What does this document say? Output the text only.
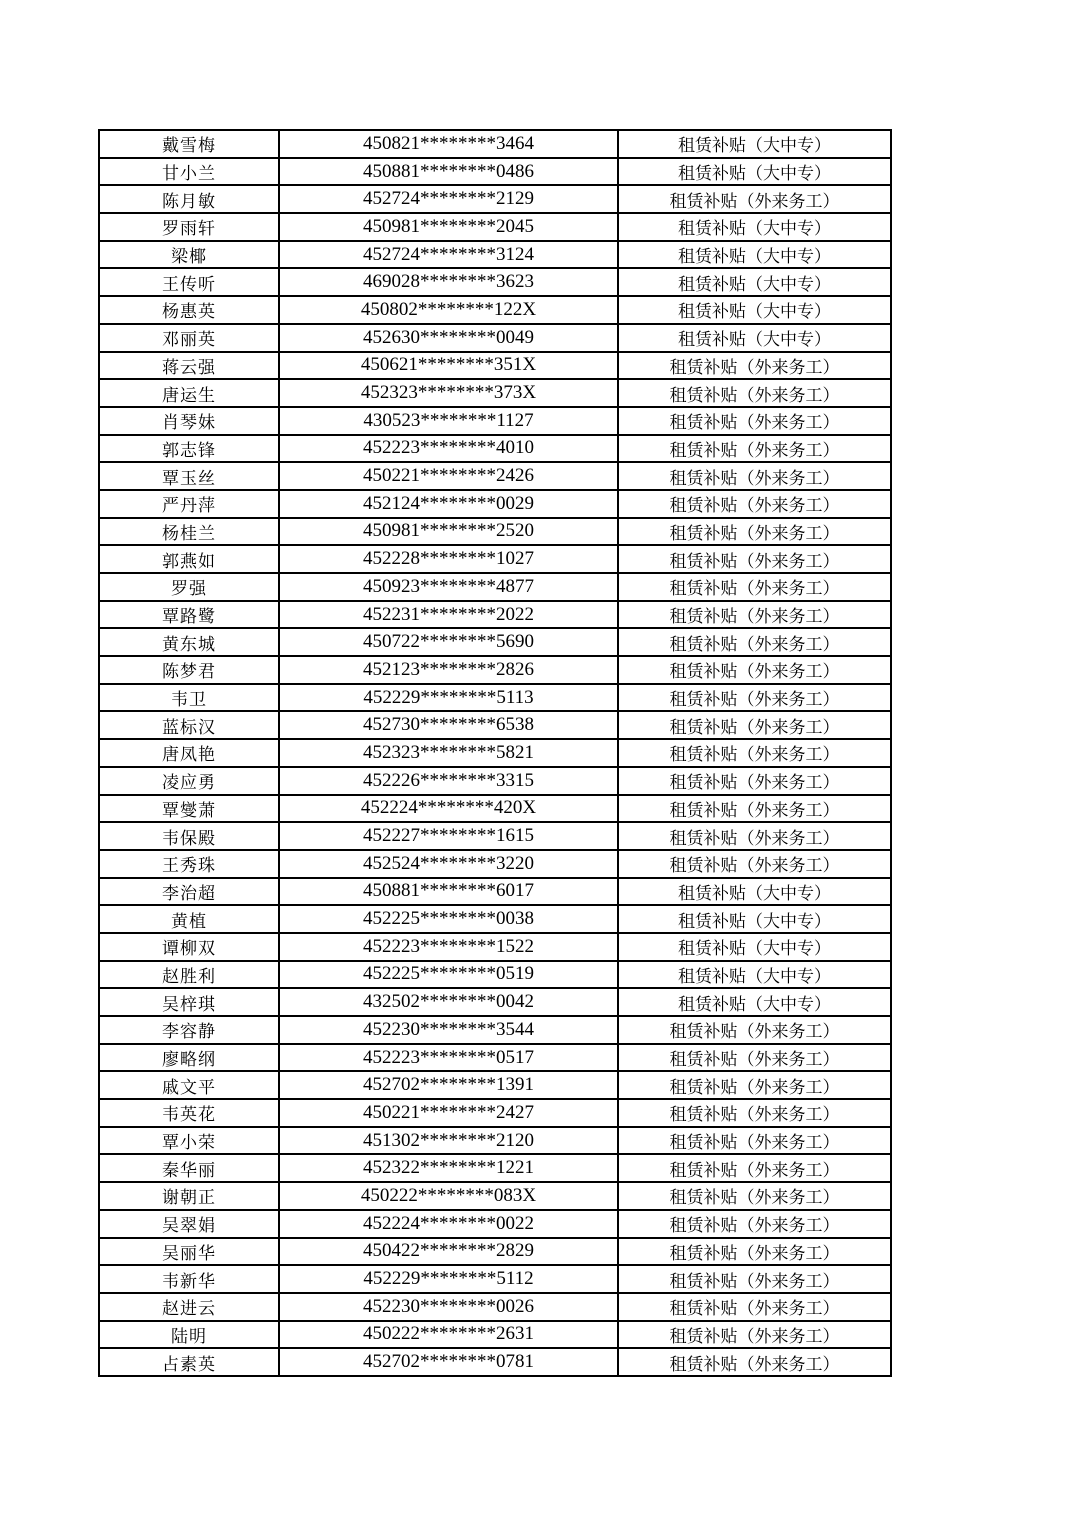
戴雪梅	450821********3464	租赁补贴（大中专）
甘小兰	450881********0486	租赁补贴（大中专）
陈月敏	452724********2129	租赁补贴（外来务工）
罗雨轩	450981********2045	租赁补贴（大中专）
梁椰	452724********3124	租赁补贴（大中专）
王传听	469028********3623	租赁补贴（大中专）
杨惠英	450802********122X	租赁补贴（大中专）
邓丽英	452630********0049	租赁补贴（大中专）
蒋云强	450621********351X	租赁补贴（外来务工）
唐运生	452323********373X	租赁补贴（外来务工）
肖琴妹	430523********1127	租赁补贴（外来务工）
郭志锋	452223********4010	租赁补贴（外来务工）
覃玉丝	450221********2426	租赁补贴（外来务工）
严丹萍	452124********0029	租赁补贴（外来务工）
杨桂兰	450981********2520	租赁补贴（外来务工）
郭燕如	452228********1027	租赁补贴（外来务工）
罗强	450923********4877	租赁补贴（外来务工）
覃路鹭	452231********2022	租赁补贴（外来务工）
黄东城	450722********5690	租赁补贴（外来务工）
陈梦君	452123********2826	租赁补贴（外来务工）
韦卫	452229********5113	租赁补贴（外来务工）
蓝标汉	452730********6538	租赁补贴（外来务工）
唐凤艳	452323********5821	租赁补贴（外来务工）
凌应勇	452226********3315	租赁补贴（外来务工）
覃燮萧	452224********420X	租赁补贴（外来务工）
韦保殿	452227********1615	租赁补贴（外来务工）
王秀珠	452524********3220	租赁补贴（外来务工）
李治超	450881********6017	租赁补贴（大中专）
黄植	452225********0038	租赁补贴（大中专）
谭柳双	452223********1522	租赁补贴（大中专）
赵胜利	452225********0519	租赁补贴（大中专）
吴梓琪	432502********0042	租赁补贴（大中专）
李容静	452230********3544	租赁补贴（外来务工）
廖略纲	452223********0517	租赁补贴（外来务工）
戚文平	452702********1391	租赁补贴（外来务工）
韦英花	450221********2427	租赁补贴（外来务工）
覃小荣	451302********2120	租赁补贴（外来务工）
秦华丽	452322********1221	租赁补贴（外来务工）
谢朝正	450222********083X	租赁补贴（外来务工）
吴翠娟	452224********0022	租赁补贴（外来务工）
吴丽华	450422********2829	租赁补贴（外来务工）
韦新华	452229********5112	租赁补贴（外来务工）
赵进云	452230********0026	租赁补贴（外来务工）
陆明	450222********2631	租赁补贴（外来务工）
占素英	452702********0781	租赁补贴（外来务工）
